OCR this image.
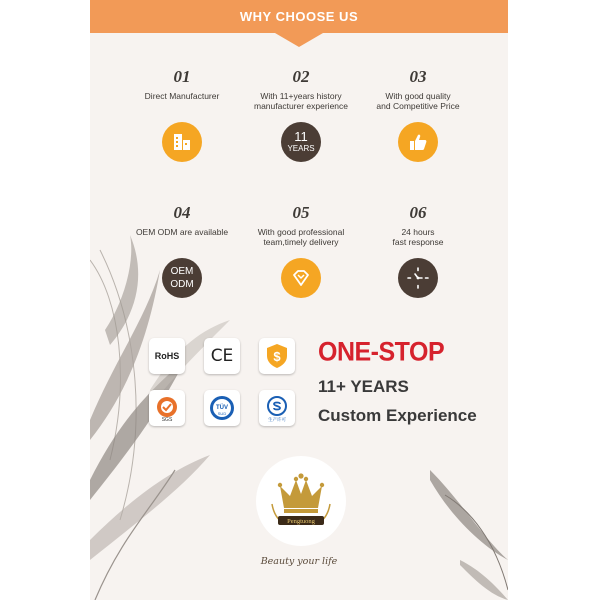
WHY CHOOSE US
01
Direct Manufacturer
02
With 11+years history
manufacturer experience
11
YEARS
03
With good quality
and Competitive Price
04
OEM ODM are available
OEM
ODM
05
With good professional
team,timely delivery
06
24 hours
fast response
RoHS CE	$
SGS
TÜV
SUD
生产许可
ONE-STOP
11+ YEARS
Custom Experience
Pengtuong
Beauty your life
